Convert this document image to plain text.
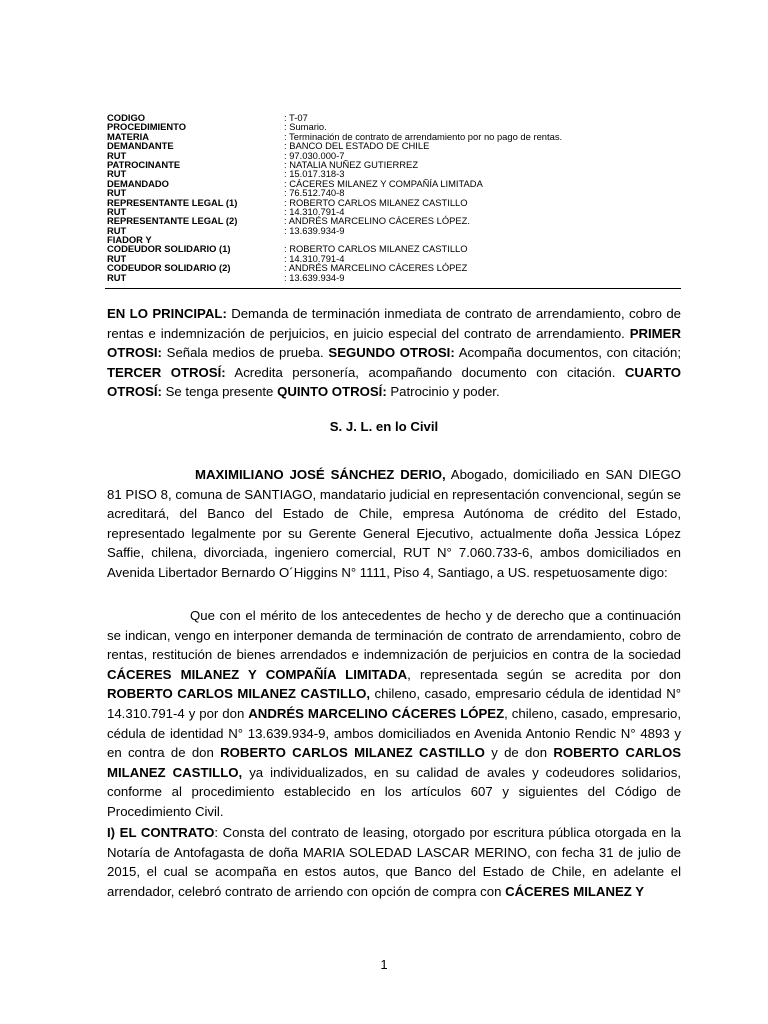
CODIGO	: T-07
PROCEDIMIENTO	: Sumario.
MATERIA	: Terminación de contrato de arrendamiento por no pago de rentas.
DEMANDANTE	: BANCO DEL ESTADO DE CHILE
RUT	: 97.030.000-7
PATROCINANTE	: NATALIA NUÑEZ GUTIERREZ
RUT	: 15.017.318-3
DEMANDADO	: CÁCERES MILANEZ Y COMPAÑÍA LIMITADA
RUT	: 76.512.740-8
REPRESENTANTE LEGAL (1)	: ROBERTO CARLOS MILANEZ CASTILLO
RUT	: 14.310.791-4
REPRESENTANTE LEGAL (2)	: ANDRÉS MARCELINO CÁCERES LÓPEZ.
RUT	: 13.639.934-9
FIADOR Y
CODEUDOR SOLIDARIO (1)	: ROBERTO CARLOS MILANEZ CASTILLO
RUT	: 14.310.791-4
CODEUDOR SOLIDARIO (2)	: ANDRÉS MARCELINO CÁCERES LÓPEZ
RUT	: 13.639.934-9
EN LO PRINCIPAL: Demanda de terminación inmediata de contrato de arrendamiento, cobro de rentas e indemnización de perjuicios, en juicio especial del contrato de arrendamiento. PRIMER OTROSI: Señala medios de prueba. SEGUNDO OTROSI: Acompaña documentos, con citación; TERCER OTROSÍ: Acredita personería, acompañando documento con citación. CUARTO OTROSÍ: Se tenga presente QUINTO OTROSÍ: Patrocinio y poder.
S. J. L. en lo Civil
MAXIMILIANO JOSÉ SÁNCHEZ DERIO, Abogado, domiciliado en SAN DIEGO 81 PISO 8, comuna de SANTIAGO, mandatario judicial en representación convencional, según se acreditará, del Banco del Estado de Chile, empresa Autónoma de crédito del Estado, representado legalmente por su Gerente General Ejecutivo, actualmente doña Jessica López Saffie, chilena, divorciada, ingeniero comercial, RUT N° 7.060.733-6, ambos domiciliados en Avenida Libertador Bernardo O´Higgins N° 1111, Piso 4, Santiago, a US. respetuosamente digo:
Que con el mérito de los antecedentes de hecho y de derecho que a continuación se indican, vengo en interponer demanda de terminación de contrato de arrendamiento, cobro de rentas, restitución de bienes arrendados e indemnización de perjuicios en contra de la sociedad CÁCERES MILANEZ Y COMPAÑÍA LIMITADA, representada según se acredita por don ROBERTO CARLOS MILANEZ CASTILLO, chileno, casado, empresario cédula de identidad N° 14.310.791-4 y por don ANDRÉS MARCELINO CÁCERES LÓPEZ, chileno, casado, empresario, cédula de identidad N° 13.639.934-9, ambos domiciliados en Avenida Antonio Rendic N° 4893 y en contra de don ROBERTO CARLOS MILANEZ CASTILLO y de don ROBERTO CARLOS MILANEZ CASTILLO, ya individualizados, en su calidad de avales y codeudores solidarios, conforme al procedimiento establecido en los artículos 607 y siguientes del Código de Procedimiento Civil.
I) EL CONTRATO: Consta del contrato de leasing, otorgado por escritura pública otorgada en la Notaría de Antofagasta de doña MARIA SOLEDAD LASCAR MERINO, con fecha 31 de julio de 2015, el cual se acompaña en estos autos, que Banco del Estado de Chile, en adelante el arrendador, celebró contrato de arriendo con opción de compra con CÁCERES MILANEZ Y
1
